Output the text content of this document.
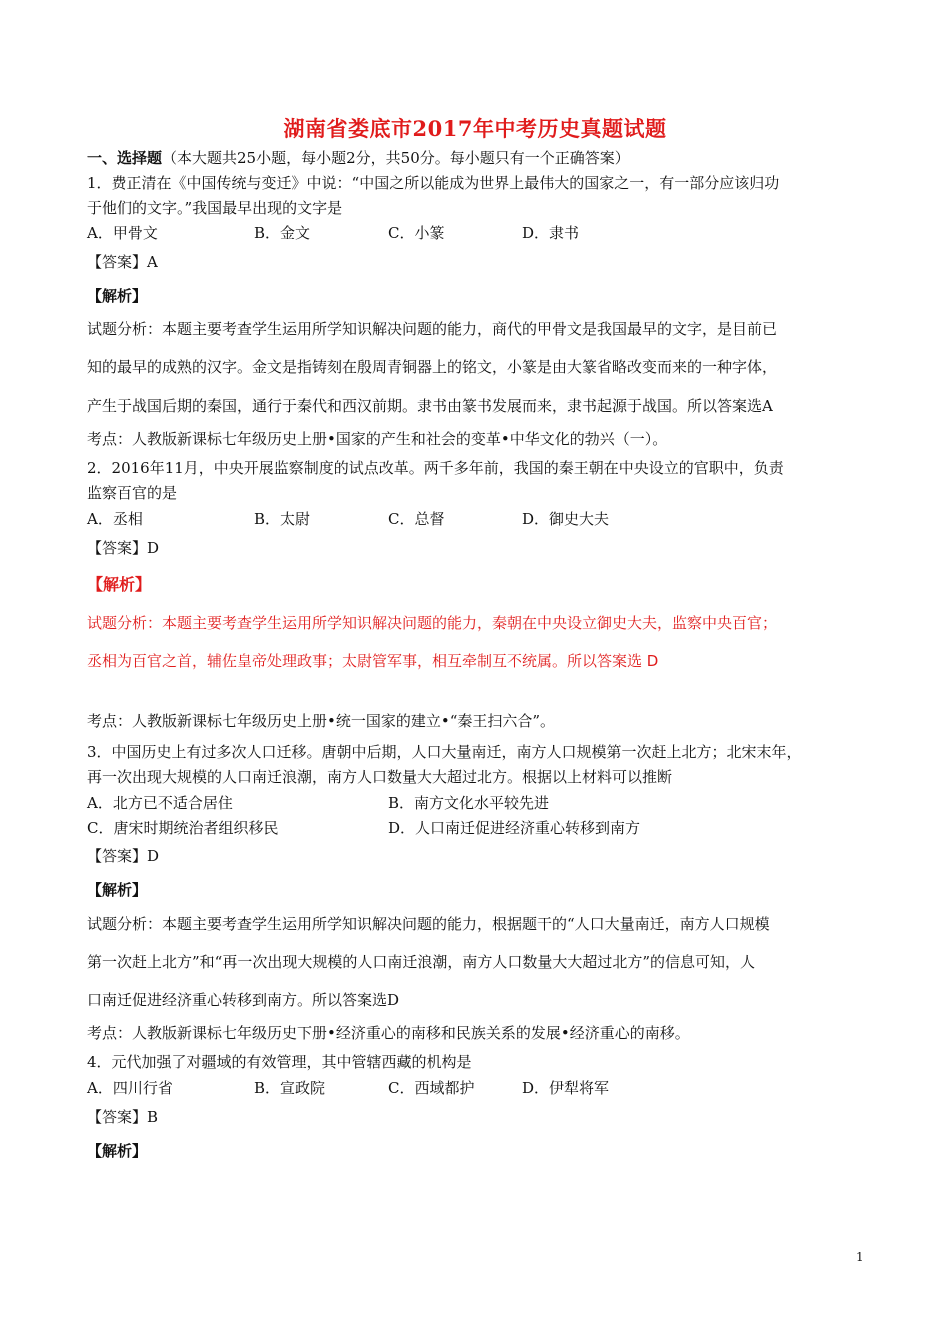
湖南省娄底市2017年中考历史真题试题
一、选择题（本大题共25小题，每小题2分，共50分。每小题只有一个正确答案）
1．费正清在《中国传统与变迁》中说：“中国之所以能成为世界上最伟大的国家之一，有一部分应该归功
于他们的文字。”我国最早出现的文字是
A．甲骨文	B．金文	C．小篆	D．隶书
【答案】A
【解析】
试题分析：本题主要考查学生运用所学知识解决问题的能力，商代的甲骨文是我国最早的文字，是目前已
知的最早的成熟的汉字。金文是指铸刻在殷周青铜器上的铭文，小篆是由大篆省略改变而来的一种字体，
产生于战国后期的秦国，通行于秦代和西汉前期。隶书由篆书发展而来，隶书起源于战国。所以答案选A
考点：人教版新课标七年级历史上册•国家的产生和社会的变革•中华文化的勃兴（一）。
2．2016年11月，中央开展监察制度的试点改革。两千多年前，我国的秦王朝在中央设立的官职中，负责
监察百官的是
A．丞相	B．太尉	C．总督	D．御史大夫
【答案】D
【解析】
试题分析：本题主要考查学生运用所学知识解决问题的能力，秦朝在中央设立御史大夫，监察中央百官；
丞相为百官之首，辅佐皇帝处理政事；太尉管军事，相互牵制互不统属。所以答案选 D
考点：人教版新课标七年级历史上册•统一国家的建立•“秦王扫六合”。
3．中国历史上有过多次人口迁移。唐朝中后期，人口大量南迁，南方人口规模第一次赶上北方；北宋末年，
再一次出现大规模的人口南迁浪潮，南方人口数量大大超过北方。根据以上材料可以推断
A．北方已不适合居住	B．南方文化水平较先进
C．唐宋时期统治者组织移民	D．人口南迁促进经济重心转移到南方
【答案】D
【解析】
试题分析：本题主要考查学生运用所学知识解决问题的能力，根据题干的“人口大量南迁，南方人口规模
第一次赶上北方”和“再一次出现大规模的人口南迁浪潮，南方人口数量大大超过北方”的信息可知，人
口南迁促进经济重心转移到南方。所以答案选D
考点：人教版新课标七年级历史下册•经济重心的南移和民族关系的发展•经济重心的南移。
4．元代加强了对疆域的有效管理，其中管辖西藏的机构是
A．四川行省	B．宣政院	C．西域都护	D．伊犁将军
【答案】B
【解析】
1
